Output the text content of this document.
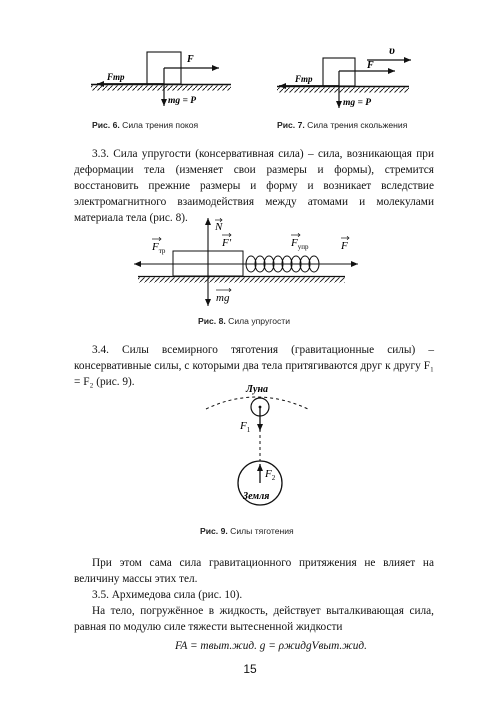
Fтр
F
mg = P
Рис. 6. Сила трения покоя
υ
F
Fтр
mg = P
Рис. 7. Сила трения скольжения
3.3. Сила упругости (консервативная сила) – сила, возникающая при деформации тела (изменяет свои размеры и формы), стремится восстановить прежние размеры и форму и возникает вследствие электромагнитного взаимодействия между атомами и молекулами материала тела (рис. 8).
N
$F_{тр}$
F′	$F_{упр}$	F
mg
Рис. 8. Сила упругости
3.4. Силы всемирного тяготения (гравитационные силы) – консервативные силы, с которыми два тела притягиваются друг к другу F₁ = F₂ (рис. 9).
Луна
$F_1$
$F_2$
Земля
Рис. 9. Силы тяготения
При этом сама сила гравитационного притяжения не влияет на величину массы этих тел.
3.5. Архимедова сила (рис. 10).
На тело, погружённое в жидкость, действует выталкивающая сила, равная по модулю силе тяжести вытесненной жидкости
FA = mвыт.жид. g = ρжидgVвыт.жид.
15
